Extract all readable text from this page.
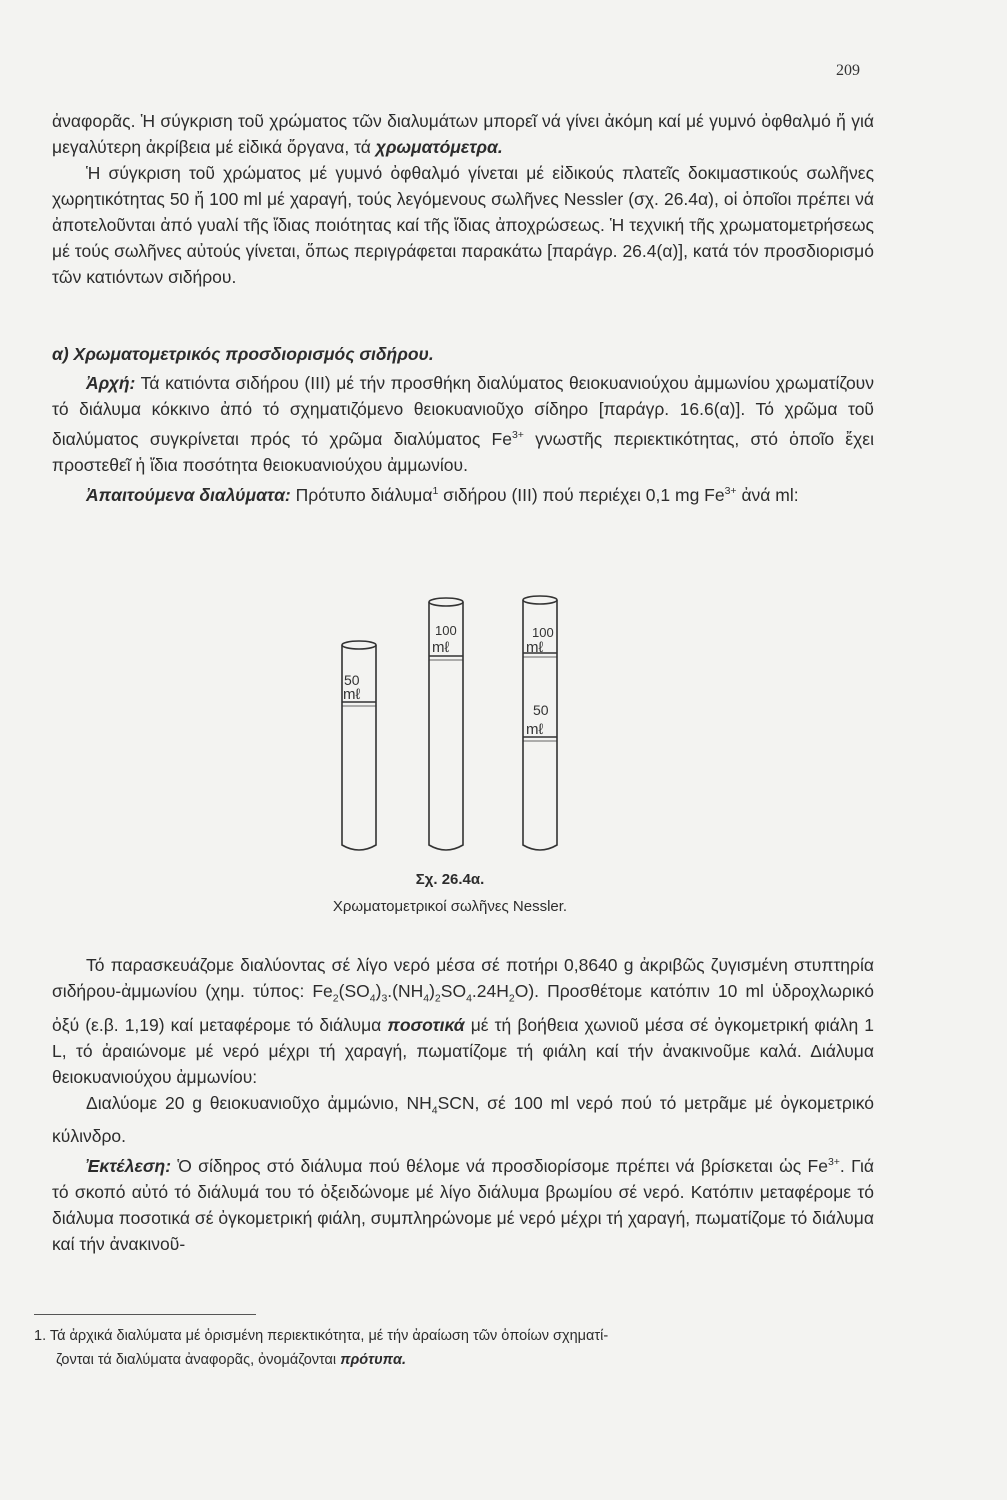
209

ἀναφορᾶς. Ἡ σύγκριση τοῦ χρώματος τῶν διαλυμάτων μπορεῖ νά γίνει ἀκόμη καί μέ γυμνό ὀφθαλμό ἤ γιά μεγαλύτερη ἀκρίβεια μέ εἰδικά ὄργανα, τά χρωματόμετρα.

Ἡ σύγκριση τοῦ χρώματος μέ γυμνό ὀφθαλμό γίνεται μέ εἰδικούς πλατεῖς δοκιμαστικούς σωλῆνες χωρητικότητας 50 ἤ 100 ml μέ χαραγή, τούς λεγόμενους σωλῆνες Nessler (σχ. 26.4α), οἱ ὁποῖοι πρέπει νά ἀποτελοῦνται ἀπό γυαλί τῆς ἴδιας ποιότητας καί τῆς ἴδιας ἀποχρώσεως. Ἡ τεχνική τῆς χρωματομετρήσεως μέ τούς σωλῆνες αὐτούς γίνεται, ὅπως περιγράφεται παρακάτω [παράγρ. 26.4(α)], κατά τόν προσδιορισμό τῶν κατιόντων σιδήρου.

α) Χρωματομετρικός προσδιορισμός σιδήρου.

Ἀρχή: Τά κατιόντα σιδήρου (III) μέ τήν προσθήκη διαλύματος θειοκυανιούχου ἀμμωνίου χρωματίζουν τό διάλυμα κόκκινο ἀπό τό σχηματιζόμενο θειοκυανιοῦχο σίδηρο [παράγρ. 16.6(α)]. Τό χρῶμα τοῦ διαλύματος συγκρίνεται πρός τό χρῶμα διαλύματος $Fe^{3+}$ γνωστῆς περιεκτικότητας, στό ὁποῖο ἔχει προστεθεῖ ἡ ἴδια ποσότητα θειοκυανιούχου ἀμμωνίου.

Ἀπαιτούμενα διαλύματα: Πρότυπο διάλυμα$^1$ σιδήρου (III) πού περιέχει 0,1 mg $Fe^{3+}$ ἀνά ml:

50
mℓ
100
mℓ
100
mℓ
50
mℓ
Σχ. 26.4α.
Χρωματομετρικοί σωλῆνες Nessler.

Τό παρασκευάζομε διαλύοντας σέ λίγο νερό μέσα σέ ποτήρι 0,8640 g ἀκριβῶς ζυγισμένη στυπτηρία σιδήρου-ἀμμωνίου (χημ. τύπος: $Fe_2(SO_4)_3.(NH_4)_2SO_4.24H_2O$). Προσθέτομε κατόπιν 10 ml ὑδροχλωρικό ὀξύ (ε.β. 1,19) καί μεταφέρομε τό διάλυμα ποσοτικά μέ τή βοήθεια χωνιοῦ μέσα σέ ὀγκομετρική φιάλη 1 L, τό ἀραιώνομε μέ νερό μέχρι τή χαραγή, πωματίζομε τή φιάλη καί τήν ἀνακινοῦμε καλά. Διάλυμα θειοκυανιούχου ἀμμωνίου:

Διαλύομε 20 g θειοκυανιοῦχο ἀμμώνιο, $NH_4SCN$, σέ 100 ml νερό πού τό μετρᾶμε μέ ὀγκομετρικό κύλινδρο.

Ἐκτέλεση: Ὁ σίδηρος στό διάλυμα πού θέλομε νά προσδιορίσομε πρέπει νά βρίσκεται ὡς $Fe^{3+}$. Γιά τό σκοπό αὐτό τό διάλυμά του τό ὀξειδώνομε μέ λίγο διάλυμα βρωμίου σέ νερό. Κατόπιν μεταφέρομε τό διάλυμα ποσοτικά σέ ὀγκομετρική φιάλη, συμπληρώνομε μέ νερό μέχρι τή χαραγή, πωματίζομε τό διάλυμα καί τήν ἀνακινοῦ-

1. Τά ἀρχικά διαλύματα μέ ὁρισμένη περιεκτικότητα, μέ τήν ἀραίωση τῶν ὁποίων σχηματί-
ζονται τά διαλύματα ἀναφορᾶς, ὀνομάζονται πρότυπα.
